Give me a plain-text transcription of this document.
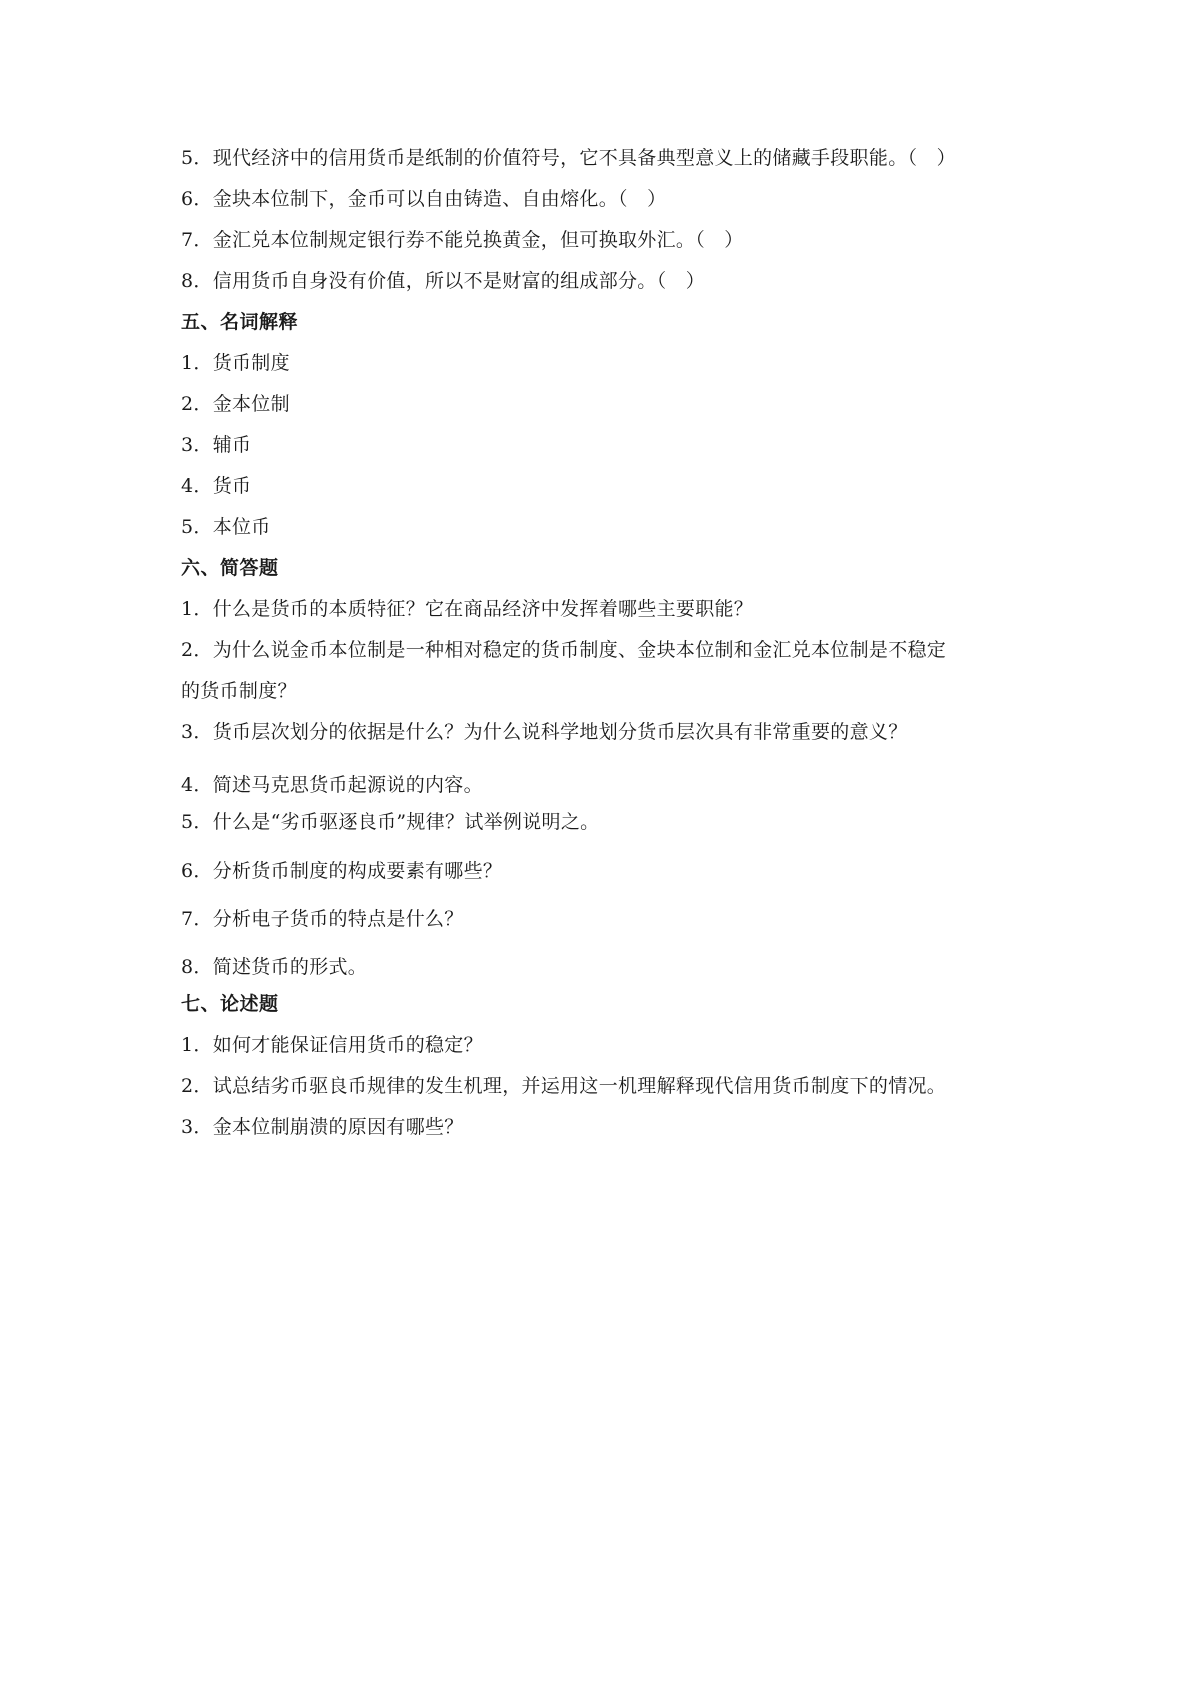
5．现代经济中的信用货币是纸制的价值符号，它不具备典型意义上的储藏手段职能。（　）
6．金块本位制下，金币可以自由铸造、自由熔化。（　）
7．金汇兑本位制规定银行券不能兑换黄金，但可换取外汇。（　）
8．信用货币自身没有价值，所以不是财富的组成部分。（　）
五、名词解释
1．货币制度
2．金本位制
3．辅币
4．货币
5．本位币
六、简答题
1．什么是货币的本质特征？它在商品经济中发挥着哪些主要职能？
2．为什么说金币本位制是一种相对稳定的货币制度、金块本位制和金汇兑本位制是不稳定
的货币制度？
3．货币层次划分的依据是什么？为什么说科学地划分货币层次具有非常重要的意义？
4．简述马克思货币起源说的内容。
5．什么是“劣币驱逐良币”规律？试举例说明之。
6．分析货币制度的构成要素有哪些？
7．分析电子货币的特点是什么？
8．简述货币的形式。
七、论述题
1．如何才能保证信用货币的稳定？
2．试总结劣币驱良币规律的发生机理，并运用这一机理解释现代信用货币制度下的情况。
3．金本位制崩溃的原因有哪些？
